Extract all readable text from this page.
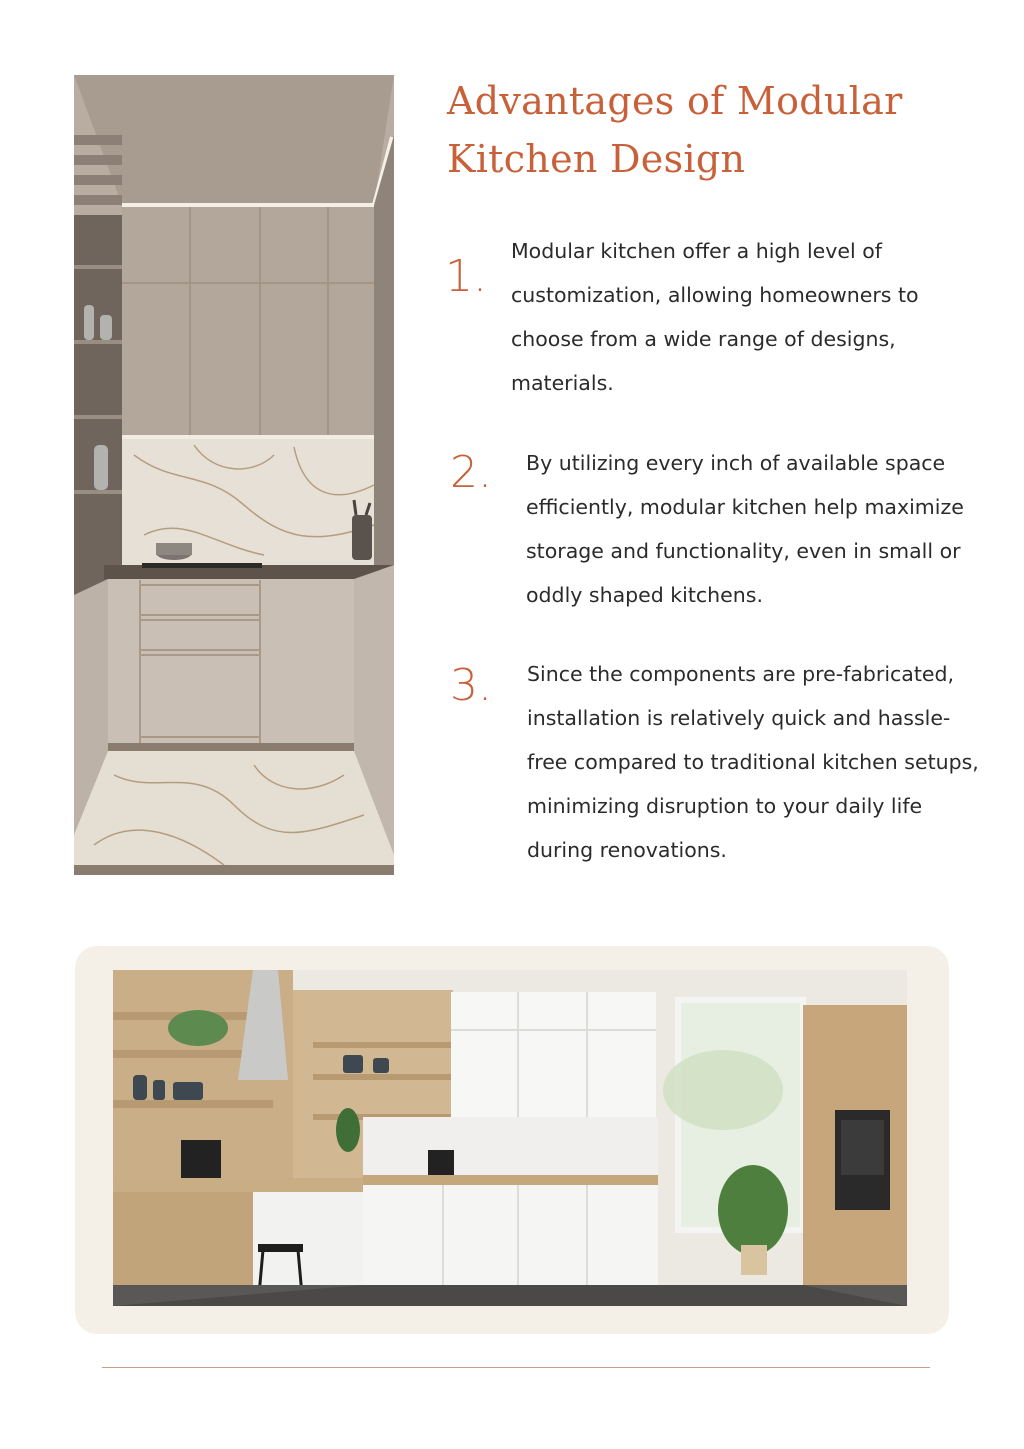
Advantages of Modular Kitchen Design
1. Modular kitchen offer a high level of customization, allowing homeowners to choose from a wide range of designs, materials.

2. By utilizing every inch of available space efficiently, modular kitchen help maximize storage and functionality, even in small or oddly shaped kitchens.

3. Since the components are pre-fabricated, installation is relatively quick and hassle-free compared to traditional kitchen setups, minimizing disruption to your daily life during renovations.
